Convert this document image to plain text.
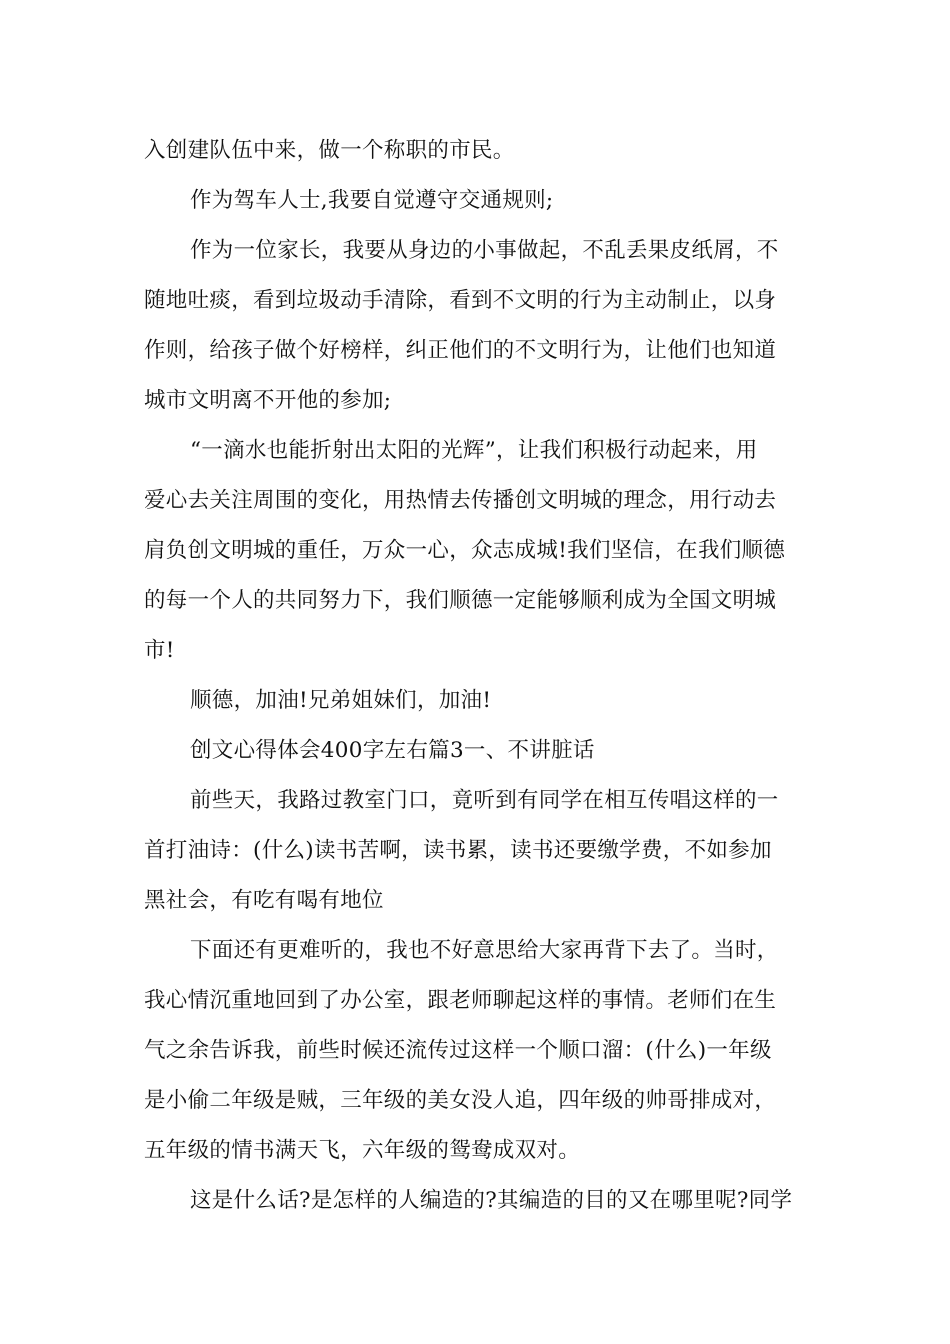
入创建队伍中来，做一个称职的市民。
作为驾车人士,我要自觉遵守交通规则;
作为一位家长，我要从身边的小事做起，不乱丢果皮纸屑，不
随地吐痰，看到垃圾动手清除，看到不文明的行为主动制止，以身
作则，给孩子做个好榜样，纠正他们的不文明行为，让他们也知道
城市文明离不开他的参加;
“一滴水也能折射出太阳的光辉”，让我们积极行动起来，用
爱心去关注周围的变化，用热情去传播创文明城的理念，用行动去
肩负创文明城的重任，万众一心，众志成城!我们坚信，在我们顺德
的每一个人的共同努力下，我们顺德一定能够顺利成为全国文明城
市!
顺德，加油!兄弟姐妹们，加油!
创文心得体会400字左右篇3一、不讲脏话
前些天，我路过教室门口，竟听到有同学在相互传唱这样的一
首打油诗：(什么)读书苦啊，读书累，读书还要缴学费，不如参加
黑社会，有吃有喝有地位
下面还有更难听的，我也不好意思给大家再背下去了。当时，
我心情沉重地回到了办公室，跟老师聊起这样的事情。老师们在生
气之余告诉我，前些时候还流传过这样一个顺口溜：(什么)一年级
是小偷二年级是贼，三年级的美女没人追，四年级的帅哥排成对，
五年级的情书满天飞，六年级的鸳鸯成双对。
这是什么话?是怎样的人编造的?其编造的目的又在哪里呢?同学
